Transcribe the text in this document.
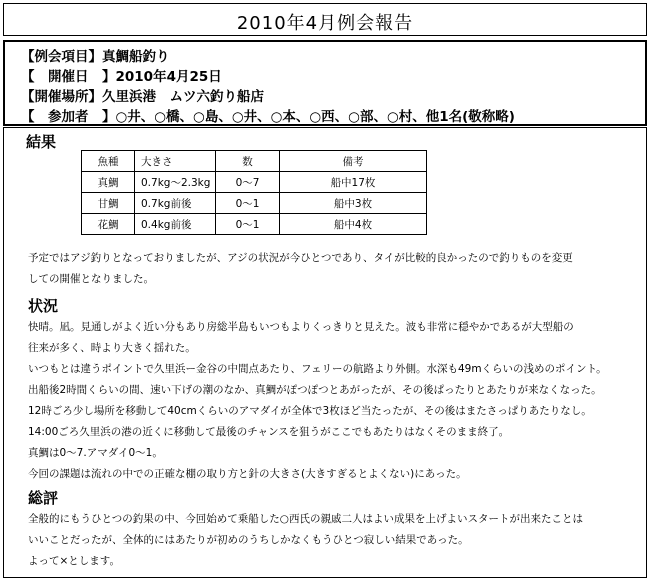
2010年4月例会報告
【例会項目】真鯛船釣り
【　開催日　】2010年4月25日
【開催場所】久里浜港　ムツ六釣り船店
【　参加者　】○井、○橋、○島、○井、○本、○西、○部、○村、他1名(敬称略)
結果
魚種	大きさ	数	備考
真鯛	0.7kg～2.3kg	0～7	船中17枚
甘鯛	0.7kg前後	0～1	船中3枚
花鯛	0.4kg前後	0～1	船中4枚
予定ではアジ釣りとなっておりましたが、アジの状況が今ひとつであり、タイが比較的良かったので釣りものを変更
しての開催となりました。
状況
快晴。凪。見通しがよく近い分もあり房総半島もいつもよりくっきりと見えた。波も非常に穏やかであるが大型船の
往来が多く、時より大きく揺れた。
いつもとは違うポイントで久里浜ー金谷の中間点あたり、フェリーの航路より外側。水深も49mくらいの浅めのポイント。
出船後2時間くらいの間、速い下げの潮のなか、真鯛がぽつぽつとあがったが、その後ぱったりとあたりが来なくなった。
12時ごろ少し場所を移動して40cmくらいのアマダイが全体で3枚ほど当たったが、その後はまたさっぱりあたりなし。
14:00ごろ久里浜の港の近くに移動して最後のチャンスを狙うがここでもあたりはなくそのまま終了。
真鯛は0～7.アマダイ0～1。
今回の課題は流れの中での正確な棚の取り方と針の大きさ(大きすぎるとよくない)にあった。
総評
全般的にもうひとつの釣果の中、今回始めて乗船した○西氏の親戚二人はよい成果を上げよいスタートが出来たことは
いいことだったが、全体的にはあたりが初めのうちしかなくもうひとつ寂しい結果であった。
よって×とします。
